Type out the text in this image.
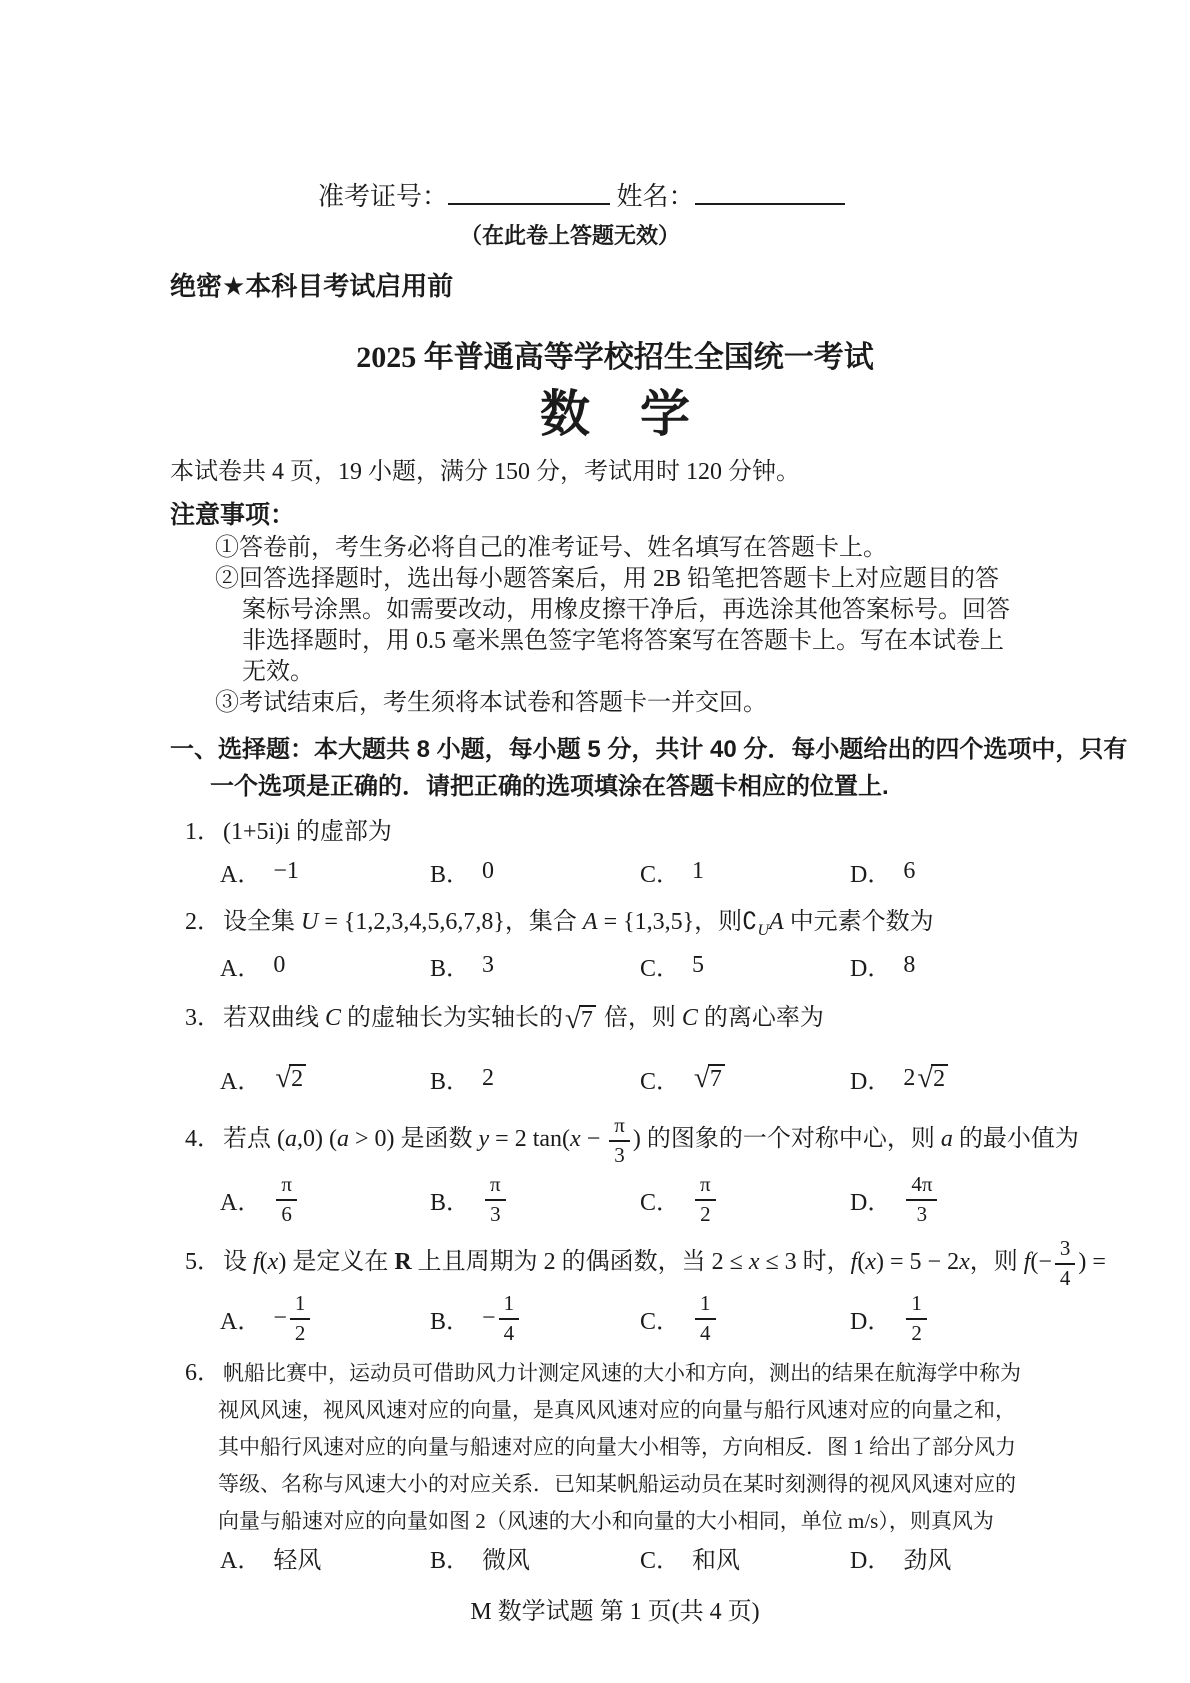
准考证号：	姓名：
（在此卷上答题无效）
绝密★本科目考试启用前
2025 年普通高等学校招生全国统一考试
数　学
本试卷共 4 页，19 小题，满分 150 分，考试用时 120 分钟。
注意事项：
①答卷前，考生务必将自己的准考证号、姓名填写在答题卡上。
②回答选择题时，选出每小题答案后，用 2B 铅笔把答题卡上对应题目的答
案标号涂黑。如需要改动，用橡皮擦干净后，再选涂其他答案标号。回答
非选择题时，用 0.5 毫米黑色签字笔将答案写在答题卡上。写在本试卷上
无效。
③考试结束后，考生须将本试卷和答题卡一并交回。
一、选择题：本大题共 8 小题，每小题 5 分，共计 40 分．每小题给出的四个选项中，只有
一个选项是正确的．请把正确的选项填涂在答题卡相应的位置上.
1．(1+5i)i 的虚部为
A． −1	B． 0	C． 1	D． 6
2．设全集 U = {1,2,3,4,5,6,7,8}，集合 A = {1,3,5}，则$∁_UA$ 中元素个数为
A． 0	B． 3	C． 5	D． 8
3．若双曲线 C 的虚轴长为实轴长的 √ 7 倍，则 C 的离心率为
A． √ 2	B． 2	C． √ 7	D． 2 √ 2
4．若点 (a,0) (a > 0) 是函数 y = 2 $\tan(x - \frac{\pi}{3}$ ) 的图象的一个对称中心，则 a 的最小值为
A． $\frac{\pi}{6}$	B． $\frac{\pi}{3}$	C． $\frac{\pi}{2}$	D． $\frac{4\pi}{3}$
5．设 f(x) 是定义在 R 上且周期为 2 的偶函数，当 2 ≤ x ≤ 3 时，f(x) = 5 − 2x，则 $f(- \frac{3}{4}$ ) =
A． − $\frac{1}{2}$	B． − $\frac{1}{4}$	C． $\frac{1}{4}$	D． $\frac{1}{2}$
6．帆船比赛中，运动员可借助风力计测定风速的大小和方向，测出的结果在航海学中称为
视风风速，视风风速对应的向量，是真风风速对应的向量与船行风速对应的向量之和，
其中船行风速对应的向量与船速对应的向量大小相等，方向相反．图 1 给出了部分风力
等级、名称与风速大小的对应关系．已知某帆船运动员在某时刻测得的视风风速对应的
向量与船速对应的向量如图 2（风速的大小和向量的大小相同，单位 m/s），则真风为
A． 轻风	B． 微风	C． 和风	D． 劲风
M 数学试题 第 1 页(共 4 页)
